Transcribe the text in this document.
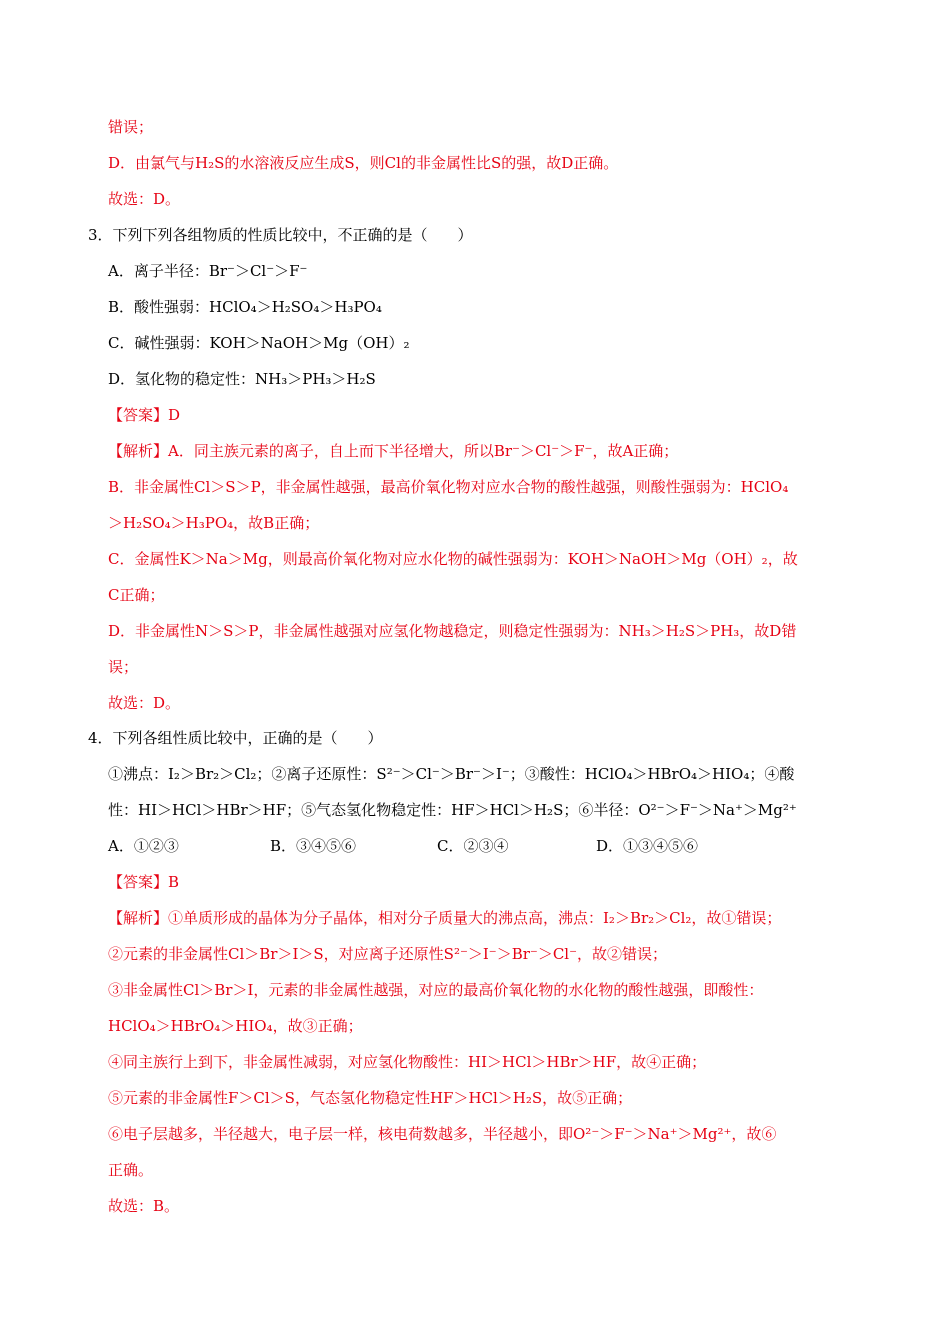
错误；
D．由氯气与H₂S的水溶液反应生成S，则Cl的非金属性比S的强，故D正确。
故选：D。
3．下列下列各组物质的性质比较中，不正确的是（　　）
A．离子半径：Br⁻＞Cl⁻＞F⁻
B．酸性强弱：HClO₄＞H₂SO₄＞H₃PO₄
C．碱性强弱：KOH＞NaOH＞Mg（OH）₂
D．氢化物的稳定性：NH₃＞PH₃＞H₂S
【答案】D
【解析】A．同主族元素的离子，自上而下半径增大，所以Br⁻＞Cl⁻＞F⁻，故A正确；
B．非金属性Cl＞S＞P，非金属性越强，最高价氧化物对应水合物的酸性越强，则酸性强弱为：HClO₄
＞H₂SO₄＞H₃PO₄，故B正确；
C．金属性K＞Na＞Mg，则最高价氧化物对应水化物的碱性强弱为：KOH＞NaOH＞Mg（OH）₂，故
C正确；
D．非金属性N＞S＞P，非金属性越强对应氢化物越稳定，则稳定性强弱为：NH₃＞H₂S＞PH₃，故D错
误；
故选：D。
4．下列各组性质比较中，正确的是（　　）
①沸点：I₂＞Br₂＞Cl₂；②离子还原性：S²⁻＞Cl⁻＞Br⁻＞I⁻；③酸性：HClO₄＞HBrO₄＞HIO₄；④酸
性：HI＞HCl＞HBr＞HF；⑤气态氢化物稳定性：HF＞HCl＞H₂S；⑥半径：O²⁻＞F⁻＞Na⁺＞Mg²⁺
A．①②③	B．③④⑤⑥	C．②③④	D．①③④⑤⑥
【答案】B
【解析】①单质形成的晶体为分子晶体，相对分子质量大的沸点高，沸点：I₂＞Br₂＞Cl₂，故①错误；
②元素的非金属性Cl＞Br＞I＞S，对应离子还原性S²⁻＞I⁻＞Br⁻＞Cl⁻，故②错误；
③非金属性Cl＞Br＞I，元素的非金属性越强，对应的最高价氧化物的水化物的酸性越强，即酸性：
HClO₄＞HBrO₄＞HIO₄，故③正确；
④同主族行上到下，非金属性减弱，对应氢化物酸性：HI＞HCl＞HBr＞HF，故④正确；
⑤元素的非金属性F＞Cl＞S，气态氢化物稳定性HF＞HCl＞H₂S，故⑤正确；
⑥电子层越多，半径越大，电子层一样，核电荷数越多，半径越小，即O²⁻＞F⁻＞Na⁺＞Mg²⁺，故⑥
正确。
故选：B。
